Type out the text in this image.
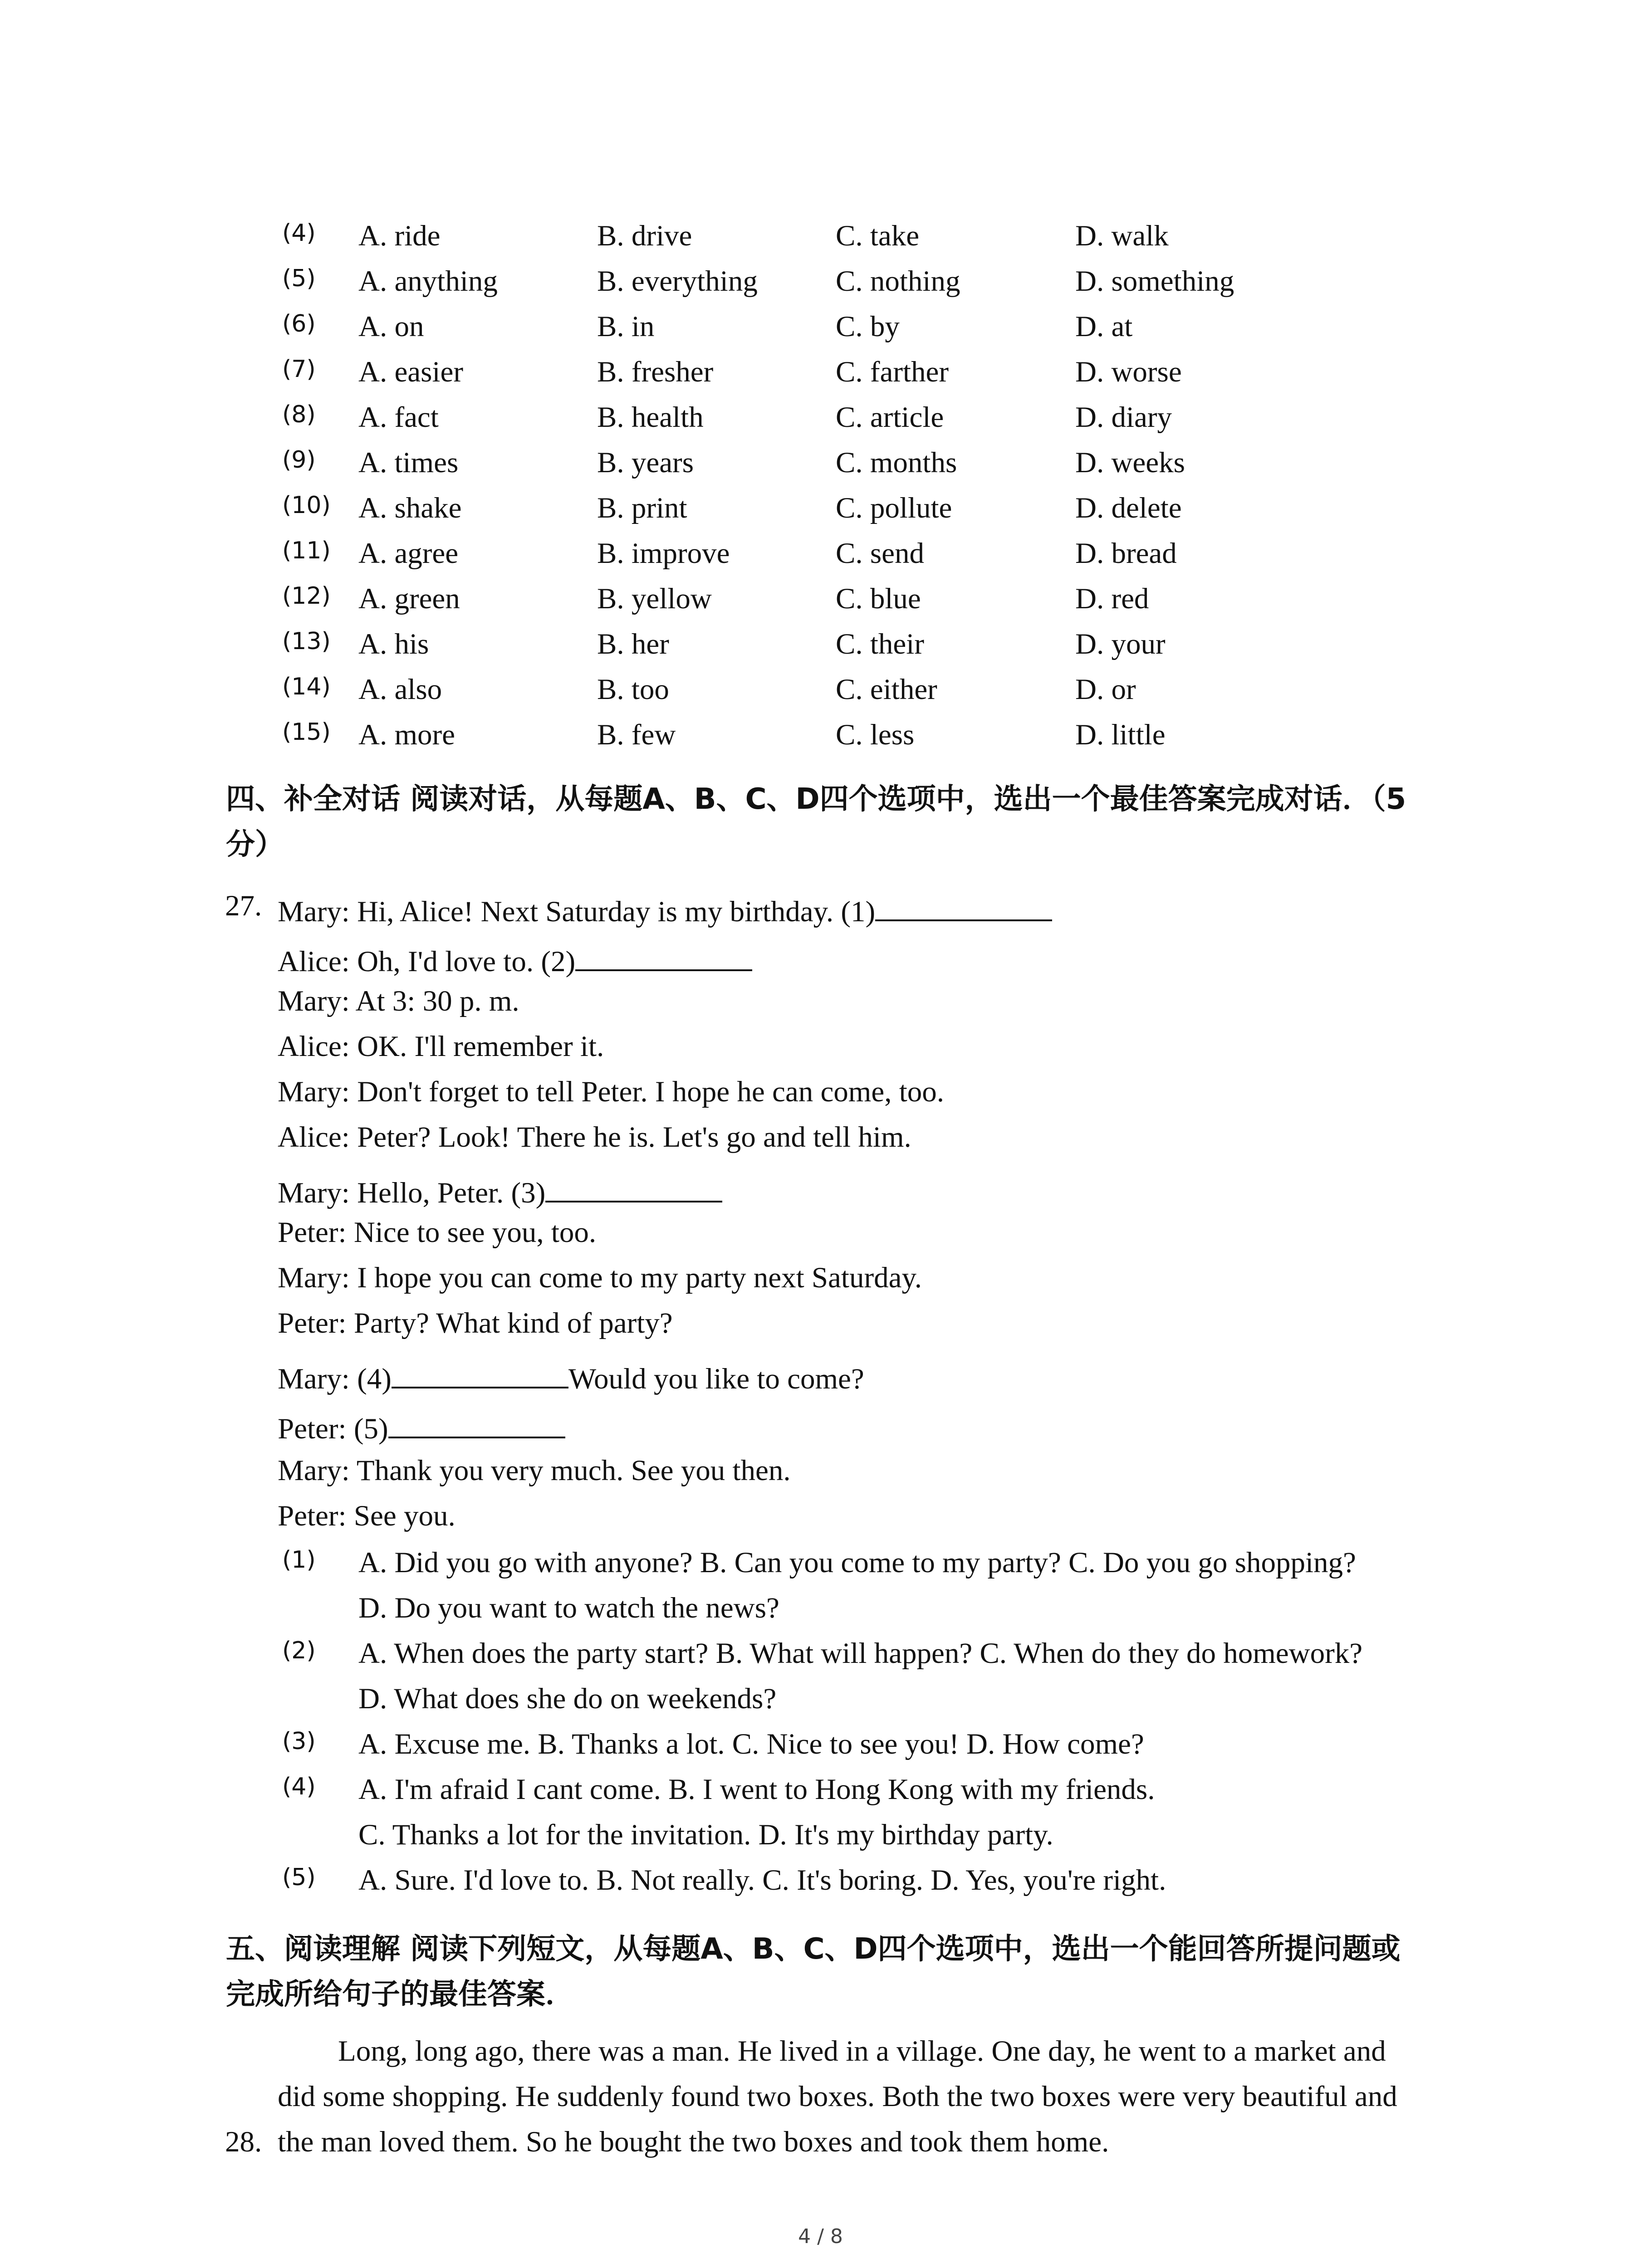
(4) A. ride	B. drive	C. take	D. walk
(5) A. anything	B. everything	C. nothing	D. something
(6) A. on	B. in	C. by	D. at
(7) A. easier	B. fresher	C. farther	D. worse
(8) A. fact	B. health	C. article	D. diary
(9) A. times	B. years	C. months	D. weeks
(10) A. shake	B. print	C. pollute	D. delete
(11) A. agree	B. improve	C. send	D. bread
(12) A. green	B. yellow	C. blue	D. red
(13) A. his	B. her	C. their	D. your
(14) A. also	B. too	C. either	D. or
(15) A. more	B. few	C. less	D. little
四、补全对话 阅读对话，从每题A、B、C、D四个选项中，选出一个最佳答案完成对话．（5
分）
27. Mary: Hi, Alice! Next Saturday is my birthday. (1)
Alice: Oh, I'd love to. (2)
Mary: At 3: 30 p. m.
Alice: OK. I'll remember it.
Mary: Don't forget to tell Peter. I hope he can come, too.
Alice: Peter? Look! There he is. Let's go and tell him.
Mary: Hello, Peter. (3)
Peter: Nice to see you, too.
Mary: I hope you can come to my party next Saturday.
Peter: Party? What kind of party?
Mary: (4)	Would you like to come?
Peter: (5)
Mary: Thank you very much. See you then.
Peter: See you.
(1) A. Did you go with anyone? B. Can you come to my party? C. Do you go shopping?
D. Do you want to watch the news?
(2) A. When does the party start? B. What will happen? C. When do they do homework?
D. What does she do on weekends?
(3) A. Excuse me. B. Thanks a lot. C. Nice to see you! D. How come?
(4) A. I'm afraid I cant come. B. I went to Hong Kong with my friends.
C. Thanks a lot for the invitation. D. It's my birthday party.
(5) A. Sure. I'd love to. B. Not really. C. It's boring. D. Yes, you're right.
五、阅读理解 阅读下列短文，从每题A、B、C、D四个选项中，选出一个能回答所提问题或
完成所给句子的最佳答案．
Long, long ago, there was a man. He lived in a village. One day, he went to a market and
did some shopping. He suddenly found two boxes. Both the two boxes were very beautiful and
28. the man loved them. So he bought the two boxes and took them home.
4 / 8
